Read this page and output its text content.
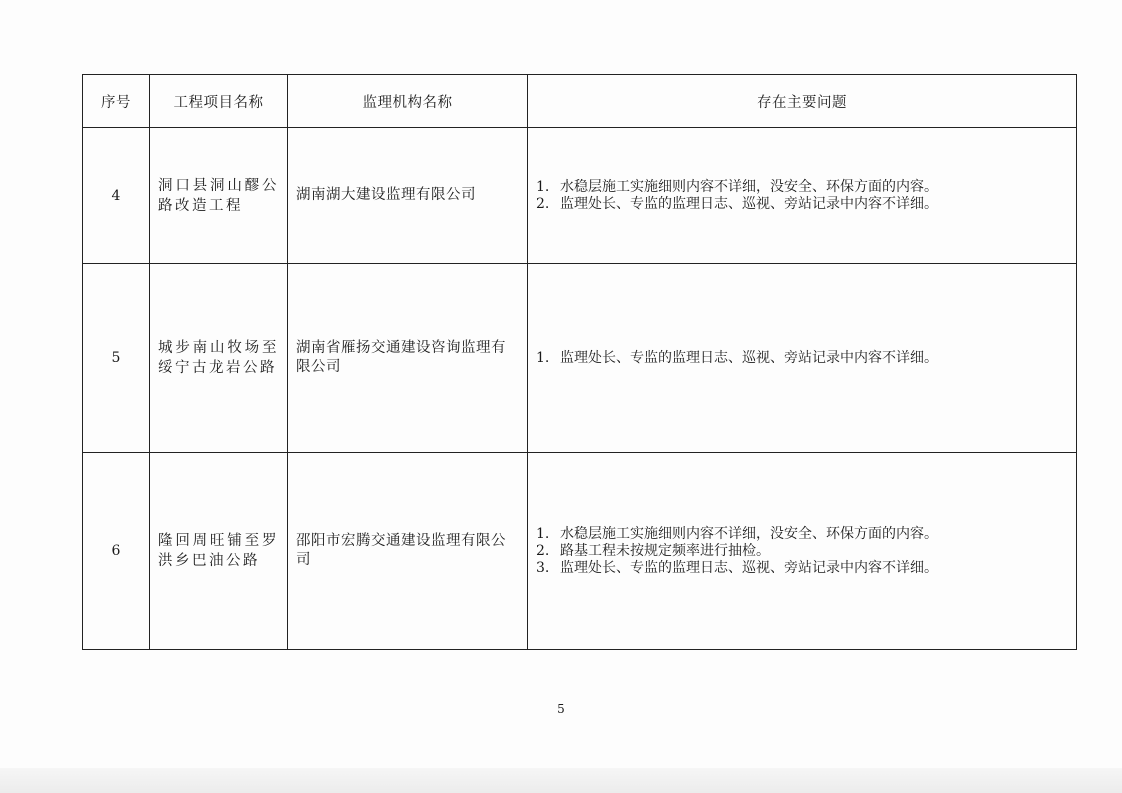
序号	工程项目名称	监理机构名称	存在主要问题
4	洞口县洞山醪公路改造工程	湖南湖大建设监理有限公司	1. 水稳层施工实施细则内容不详细，没安全、环保方面的内容。
2. 监理处长、专监的监理日志、巡视、旁站记录中内容不详细。

5	城步南山牧场至绥宁古龙岩公路	湖南省雁扬交通建设咨询监理有限公司	1. 监理处长、专监的监理日志、巡视、旁站记录中内容不详细。

6	隆回周旺铺至罗洪乡巴油公路	邵阳市宏腾交通建设监理有限公司	1. 水稳层施工实施细则内容不详细，没安全、环保方面的内容。
2. 路基工程未按规定频率进行抽检。
3. 监理处长、专监的监理日志、巡视、旁站记录中内容不详细。
5
